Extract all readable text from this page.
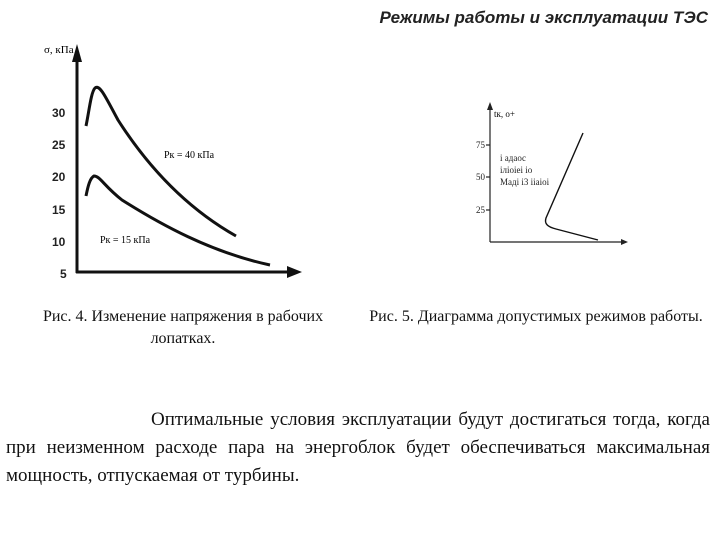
Режимы работы и эксплуатации ТЭС
σ, кПа
30
25
20
15
10
5
Рк = 40 кПа
Рк = 15 кПа
tк, о+
75
50
25
i адаос
iлiоiеi iо
Мадi i3 iiаiоi
Рис. 4. Изменение напряжения в рабочих лопатках.
Рис. 5. Диаграмма допустимых режимов работы.
Оптимальные условия эксплуатации будут достигаться тогда, когда при неизменном расходе пара на энергоблок будет обеспечиваться максимальная мощность, отпускаемая от турбины.
